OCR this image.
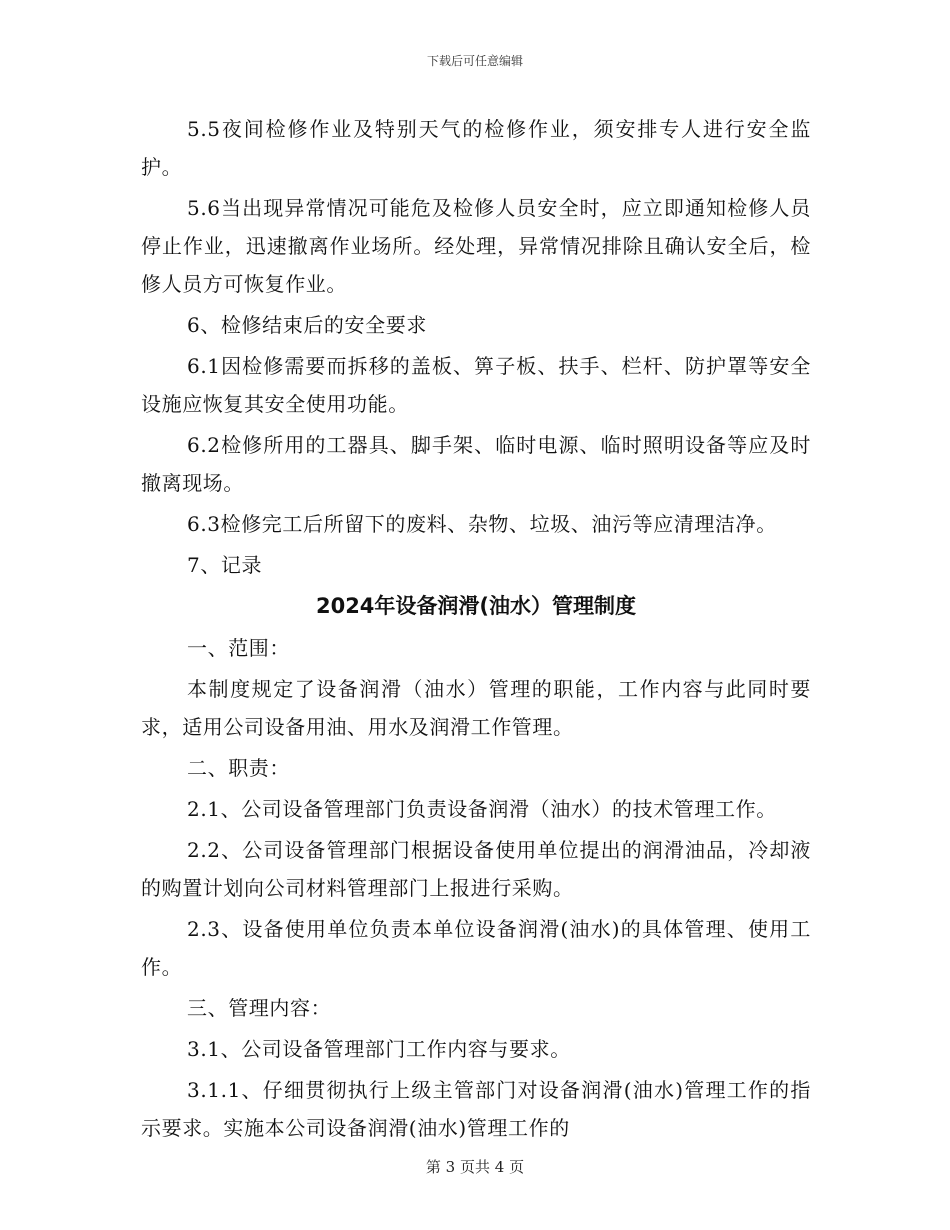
下载后可任意编辑

5.5夜间检修作业及特别天气的检修作业，须安排专人进行安全监护。

5.6当出现异常情况可能危及检修人员安全时，应立即通知检修人员停止作业，迅速撤离作业场所。经处理，异常情况排除且确认安全后，检修人员方可恢复作业。

6、检修结束后的安全要求

6.1因检修需要而拆移的盖板、箅子板、扶手、栏杆、防护罩等安全设施应恢复其安全使用功能。

6.2检修所用的工器具、脚手架、临时电源、临时照明设备等应及时撤离现场。

6.3检修完工后所留下的废料、杂物、垃圾、油污等应清理洁净。

7、记录

2024年设备润滑(油水）管理制度

一、范围：

本制度规定了设备润滑（油水）管理的职能，工作内容与此同时要求，适用公司设备用油、用水及润滑工作管理。

二、职责：

2.1、公司设备管理部门负责设备润滑（油水）的技术管理工作。

2.2、公司设备管理部门根据设备使用单位提出的润滑油品，冷却液的购置计划向公司材料管理部门上报进行采购。

2.3、设备使用单位负责本单位设备润滑(油水)的具体管理、使用工作。

三、管理内容：

3.1、公司设备管理部门工作内容与要求。

3.1.1、仔细贯彻执行上级主管部门对设备润滑(油水)管理工作的指示要求。实施本公司设备润滑(油水)管理工作的

第 3 页共 4 页
